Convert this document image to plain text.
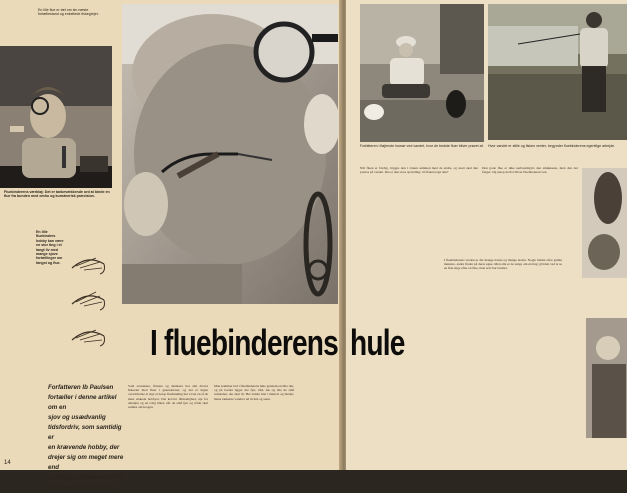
En lille flue er tæt om sin næste fortællestand og enkeltede fiskegrejer.
Fluebinderens værktøj: Det er tankevækkende ord at binde en flue fra bunden med omhu og kunstnerisk præcision.
En lille fluebinders hobby kan være en stor ting i et langt liv med mange sjove fortællinger om fangst og flue.
I fluebinderens
Forfatteren Ib Paulsen
fortæller i denne artikel om en
sjov og usædvanlig
tidsfordriv, som samtidig er
en krævende hobby, der
drejer sig om meget mere end
at fange lakkefarvede fisk
til lakkefarvede fiskere
Som svenskere, finnere og danskere har alle drevet fiskeriet med fluer i generationer, og det er ingen overdrivelse at sige at netop fluebinding har været en af de mest elskede hobbyer. Det kræver tålmodighed, øje for detaljen og en rolig hånd, når de små fjer og tråde skal samles om krogen.
Man kommer ind i fluebinderens hule gennem en lille dør, og på bordet ligger der fjer, tråd, lak og alle de små redskaber, der skal til. Her sidder han i timevis og binder, mens tankerne vandrer ud til åen og søen.
14
hule
Forfatteren i fløjtende humør ved vandet, hvor de bedste fluer bliver prøvet af. Hvor vandet er stille og fisken venter, begynder fluebinderens egentlige arbejde.
Når fluen er færdig, lægges den i æsken sammen med de andre, og snart skal den prøves på vandet. Det er den store spænding: vil fisken tage den?
I fluebinderens verden er der mange navne og mange skoler. Nogle binder efter gamle mønstre, andre finder på deres egne. Men alle er de enige om én ting: glæden ved at se en fisk stige efter en flue, man selv har bundet.
Den gode flue er ikke nødvendigvis den smukkeste, men den der fanger. Og netop derfor bliver fluebinderen ved.
